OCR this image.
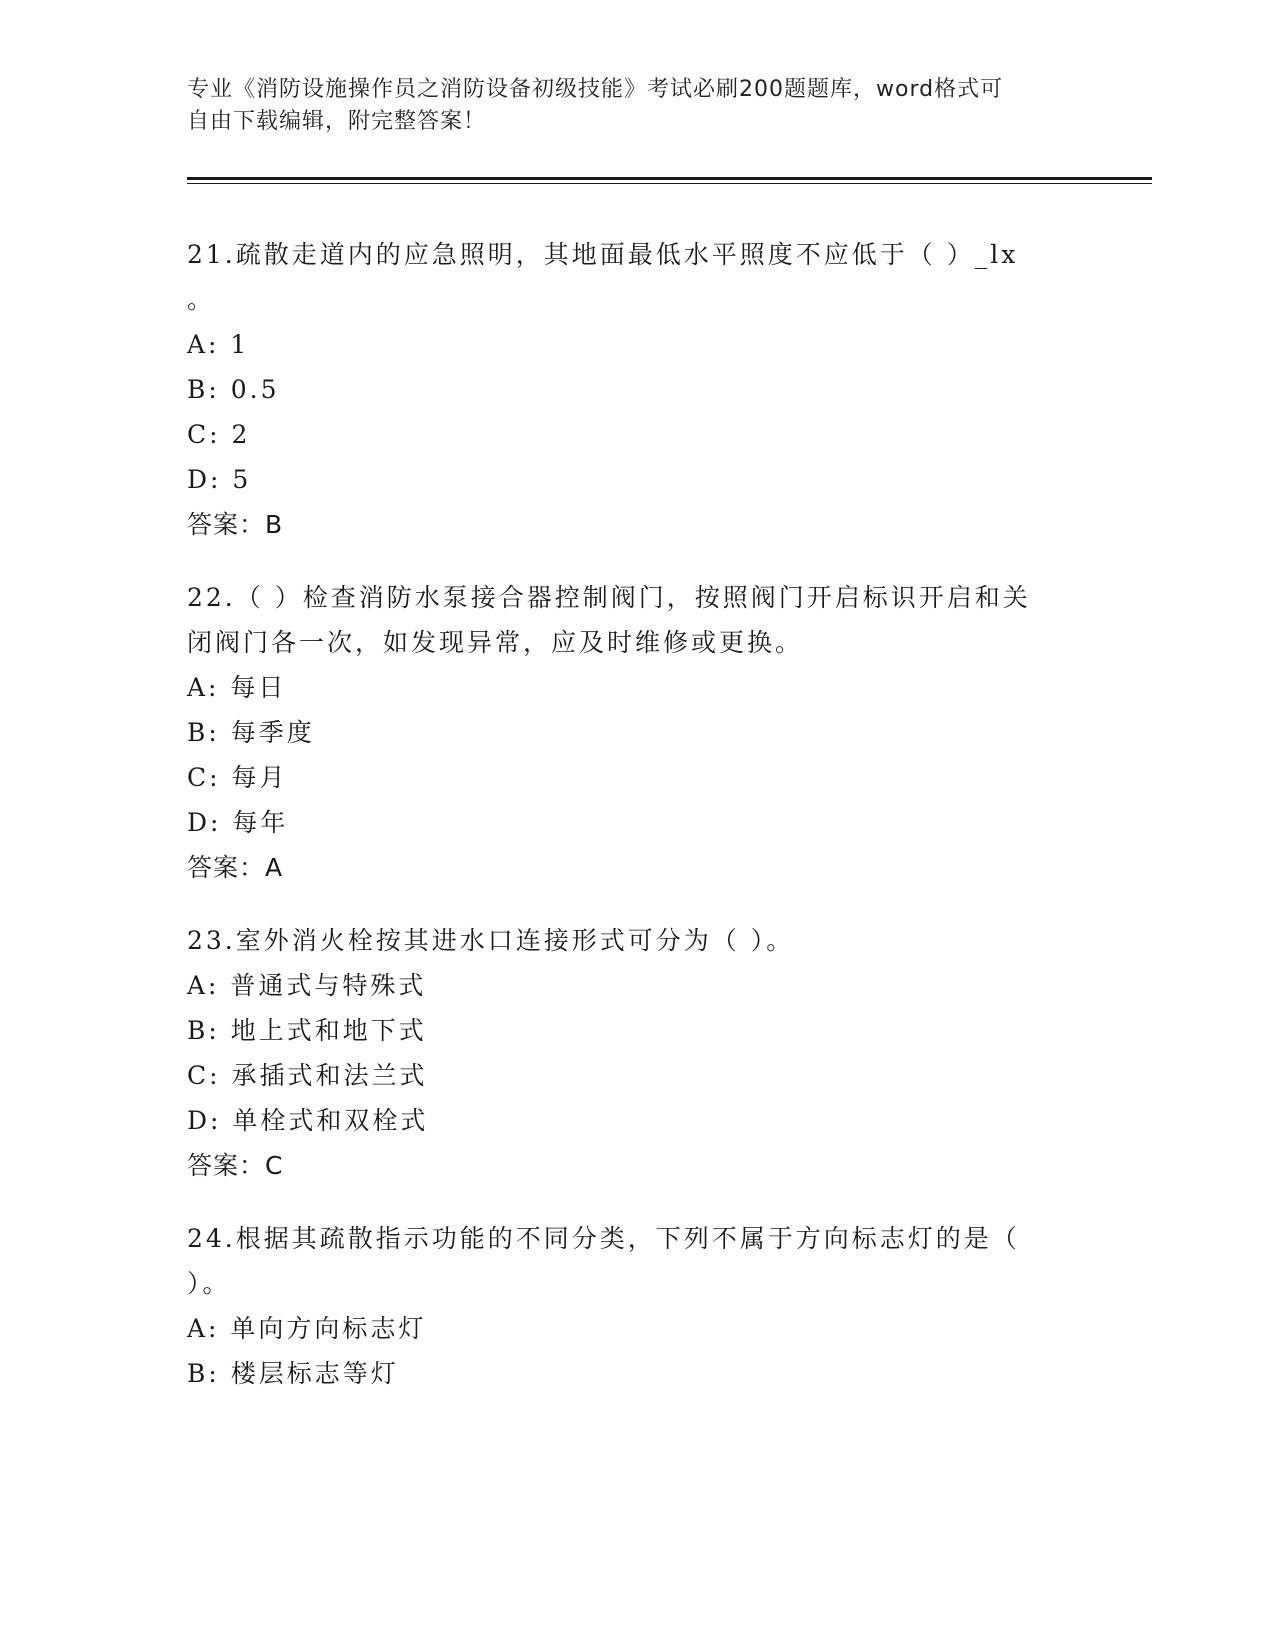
专业《消防设施操作员之消防设备初级技能》考试必刷200题题库，word格式可
自由下载编辑，附完整答案！

21.疏散走道内的应急照明，其地面最低水平照度不应低于（ ）_lx

。

A: 1

B: 0.5

C: 2

D: 5

答案：B

22.（ ）检查消防水泵接合器控制阀门，按照阀门开启标识开启和关

闭阀门各一次，如发现异常，应及时维修或更换。

A: 每日

B: 每季度

C: 每月

D: 每年

答案：A

23.室外消火栓按其进水口连接形式可分为（ ）。

A: 普通式与特殊式

B: 地上式和地下式

C: 承插式和法兰式

D: 单栓式和双栓式

答案：C

24.根据其疏散指示功能的不同分类，下列不属于方向标志灯的是（

）。

A: 单向方向标志灯

B: 楼层标志等灯
